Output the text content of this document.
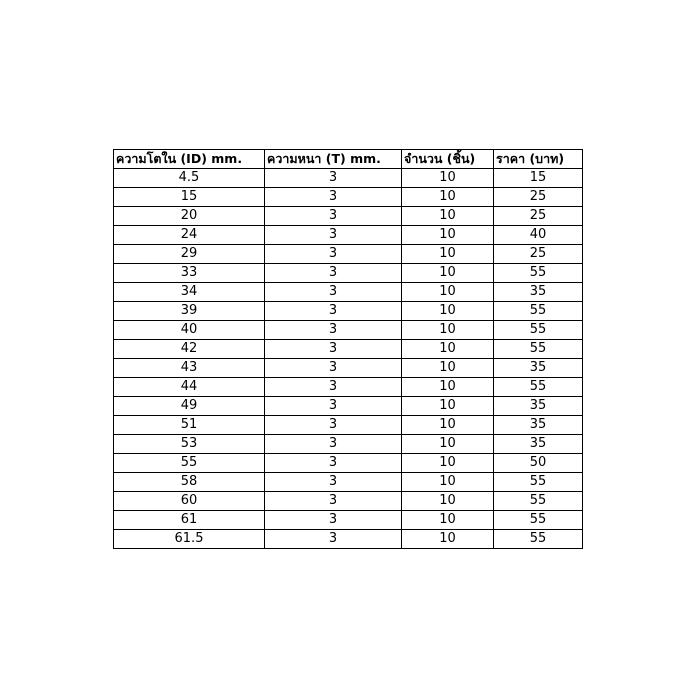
ความโตใน (ID) mm.	ความหนา (T) mm.	จำนวน (ชิ้น)	ราคา (บาท)
4.5	3	10	15
15	3	10	25
20	3	10	25
24	3	10	40
29	3	10	25
33	3	10	55
34	3	10	35
39	3	10	55
40	3	10	55
42	3	10	55
43	3	10	35
44	3	10	55
49	3	10	35
51	3	10	35
53	3	10	35
55	3	10	50
58	3	10	55
60	3	10	55
61	3	10	55
61.5	3	10	55
